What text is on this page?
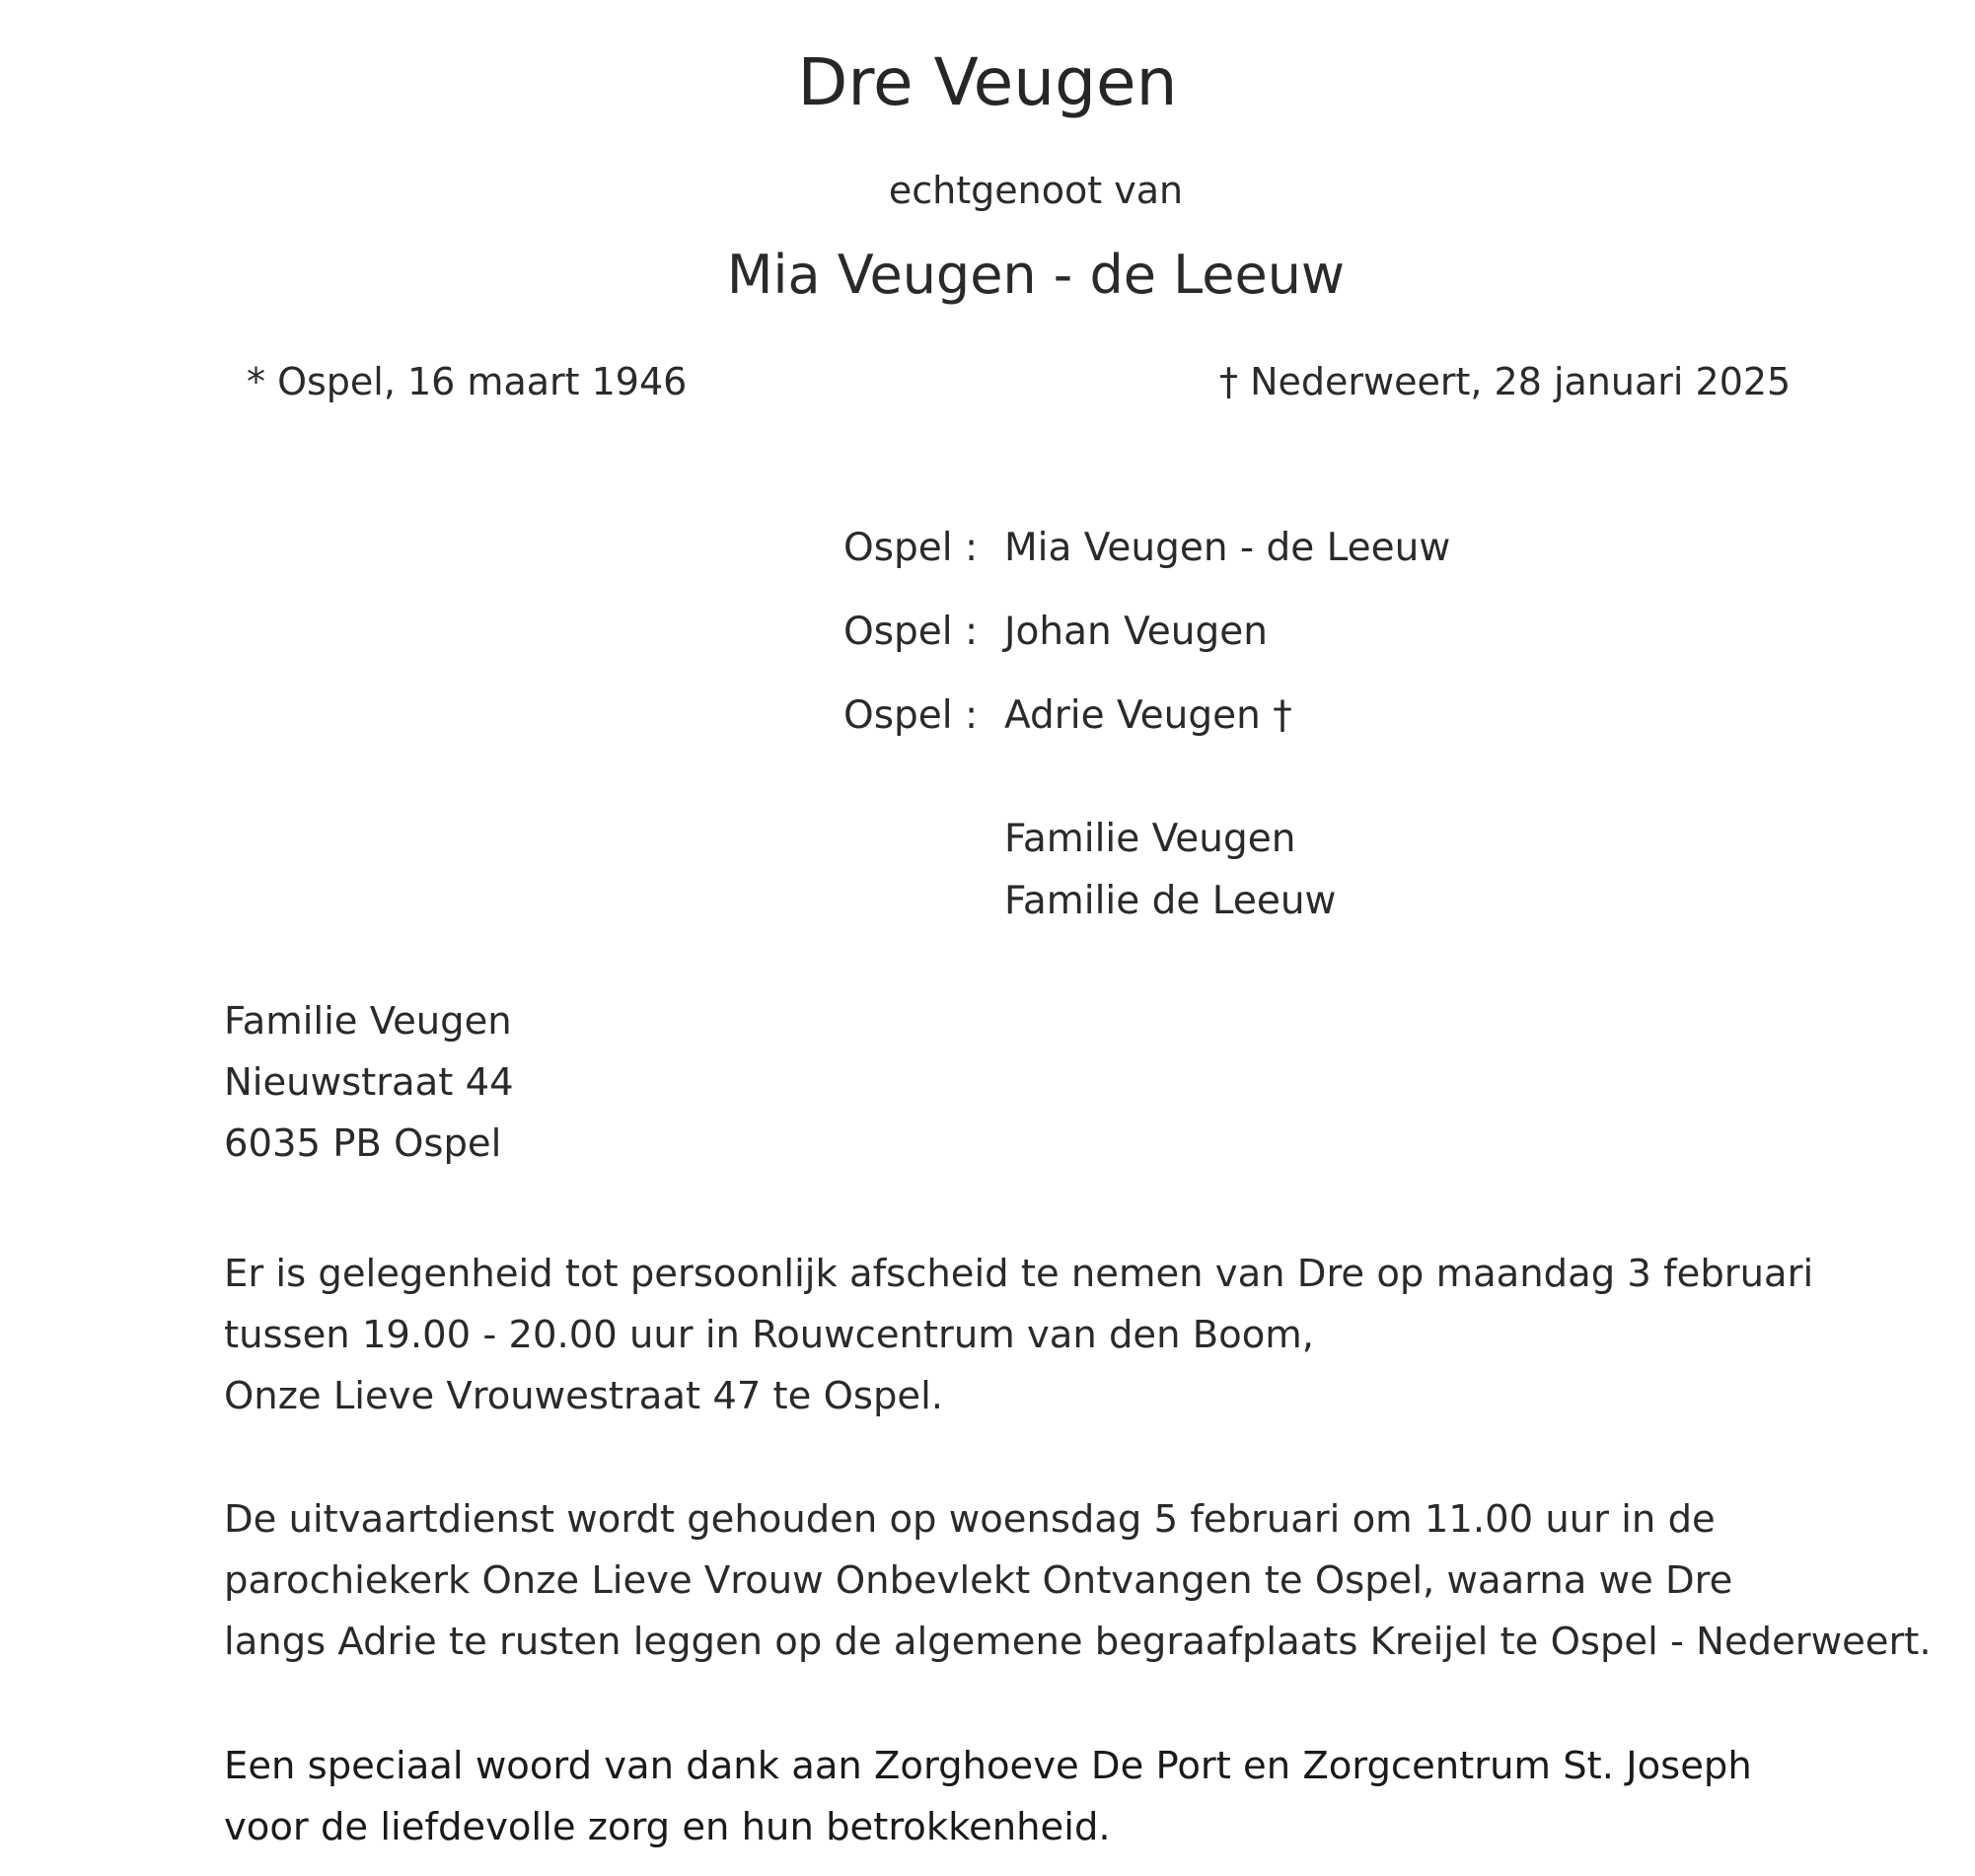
Dre Veugen
echtgenoot van
Mia Veugen - de Leeuw
* Ospel, 16 maart 1946	† Nederweert, 28 januari 2025
Ospel : Mia Veugen - de Leeuw
Ospel : Johan Veugen
Ospel : Adrie Veugen †
Familie Veugen
Familie de Leeuw
Familie Veugen
Nieuwstraat 44
6035 PB Ospel
Er is gelegenheid tot persoonlijk afscheid te nemen van Dre op maandag 3 februari
tussen 19.00 - 20.00 uur in Rouwcentrum van den Boom,
Onze Lieve Vrouwestraat 47 te Ospel.
De uitvaartdienst wordt gehouden op woensdag 5 februari om 11.00 uur in de
parochiekerk Onze Lieve Vrouw Onbevlekt Ontvangen te Ospel, waarna we Dre
langs Adrie te rusten leggen op de algemene begraafplaats Kreijel te Ospel - Nederweert.
Een speciaal woord van dank aan Zorghoeve De Port en Zorgcentrum St. Joseph
voor de liefdevolle zorg en hun betrokkenheid.
